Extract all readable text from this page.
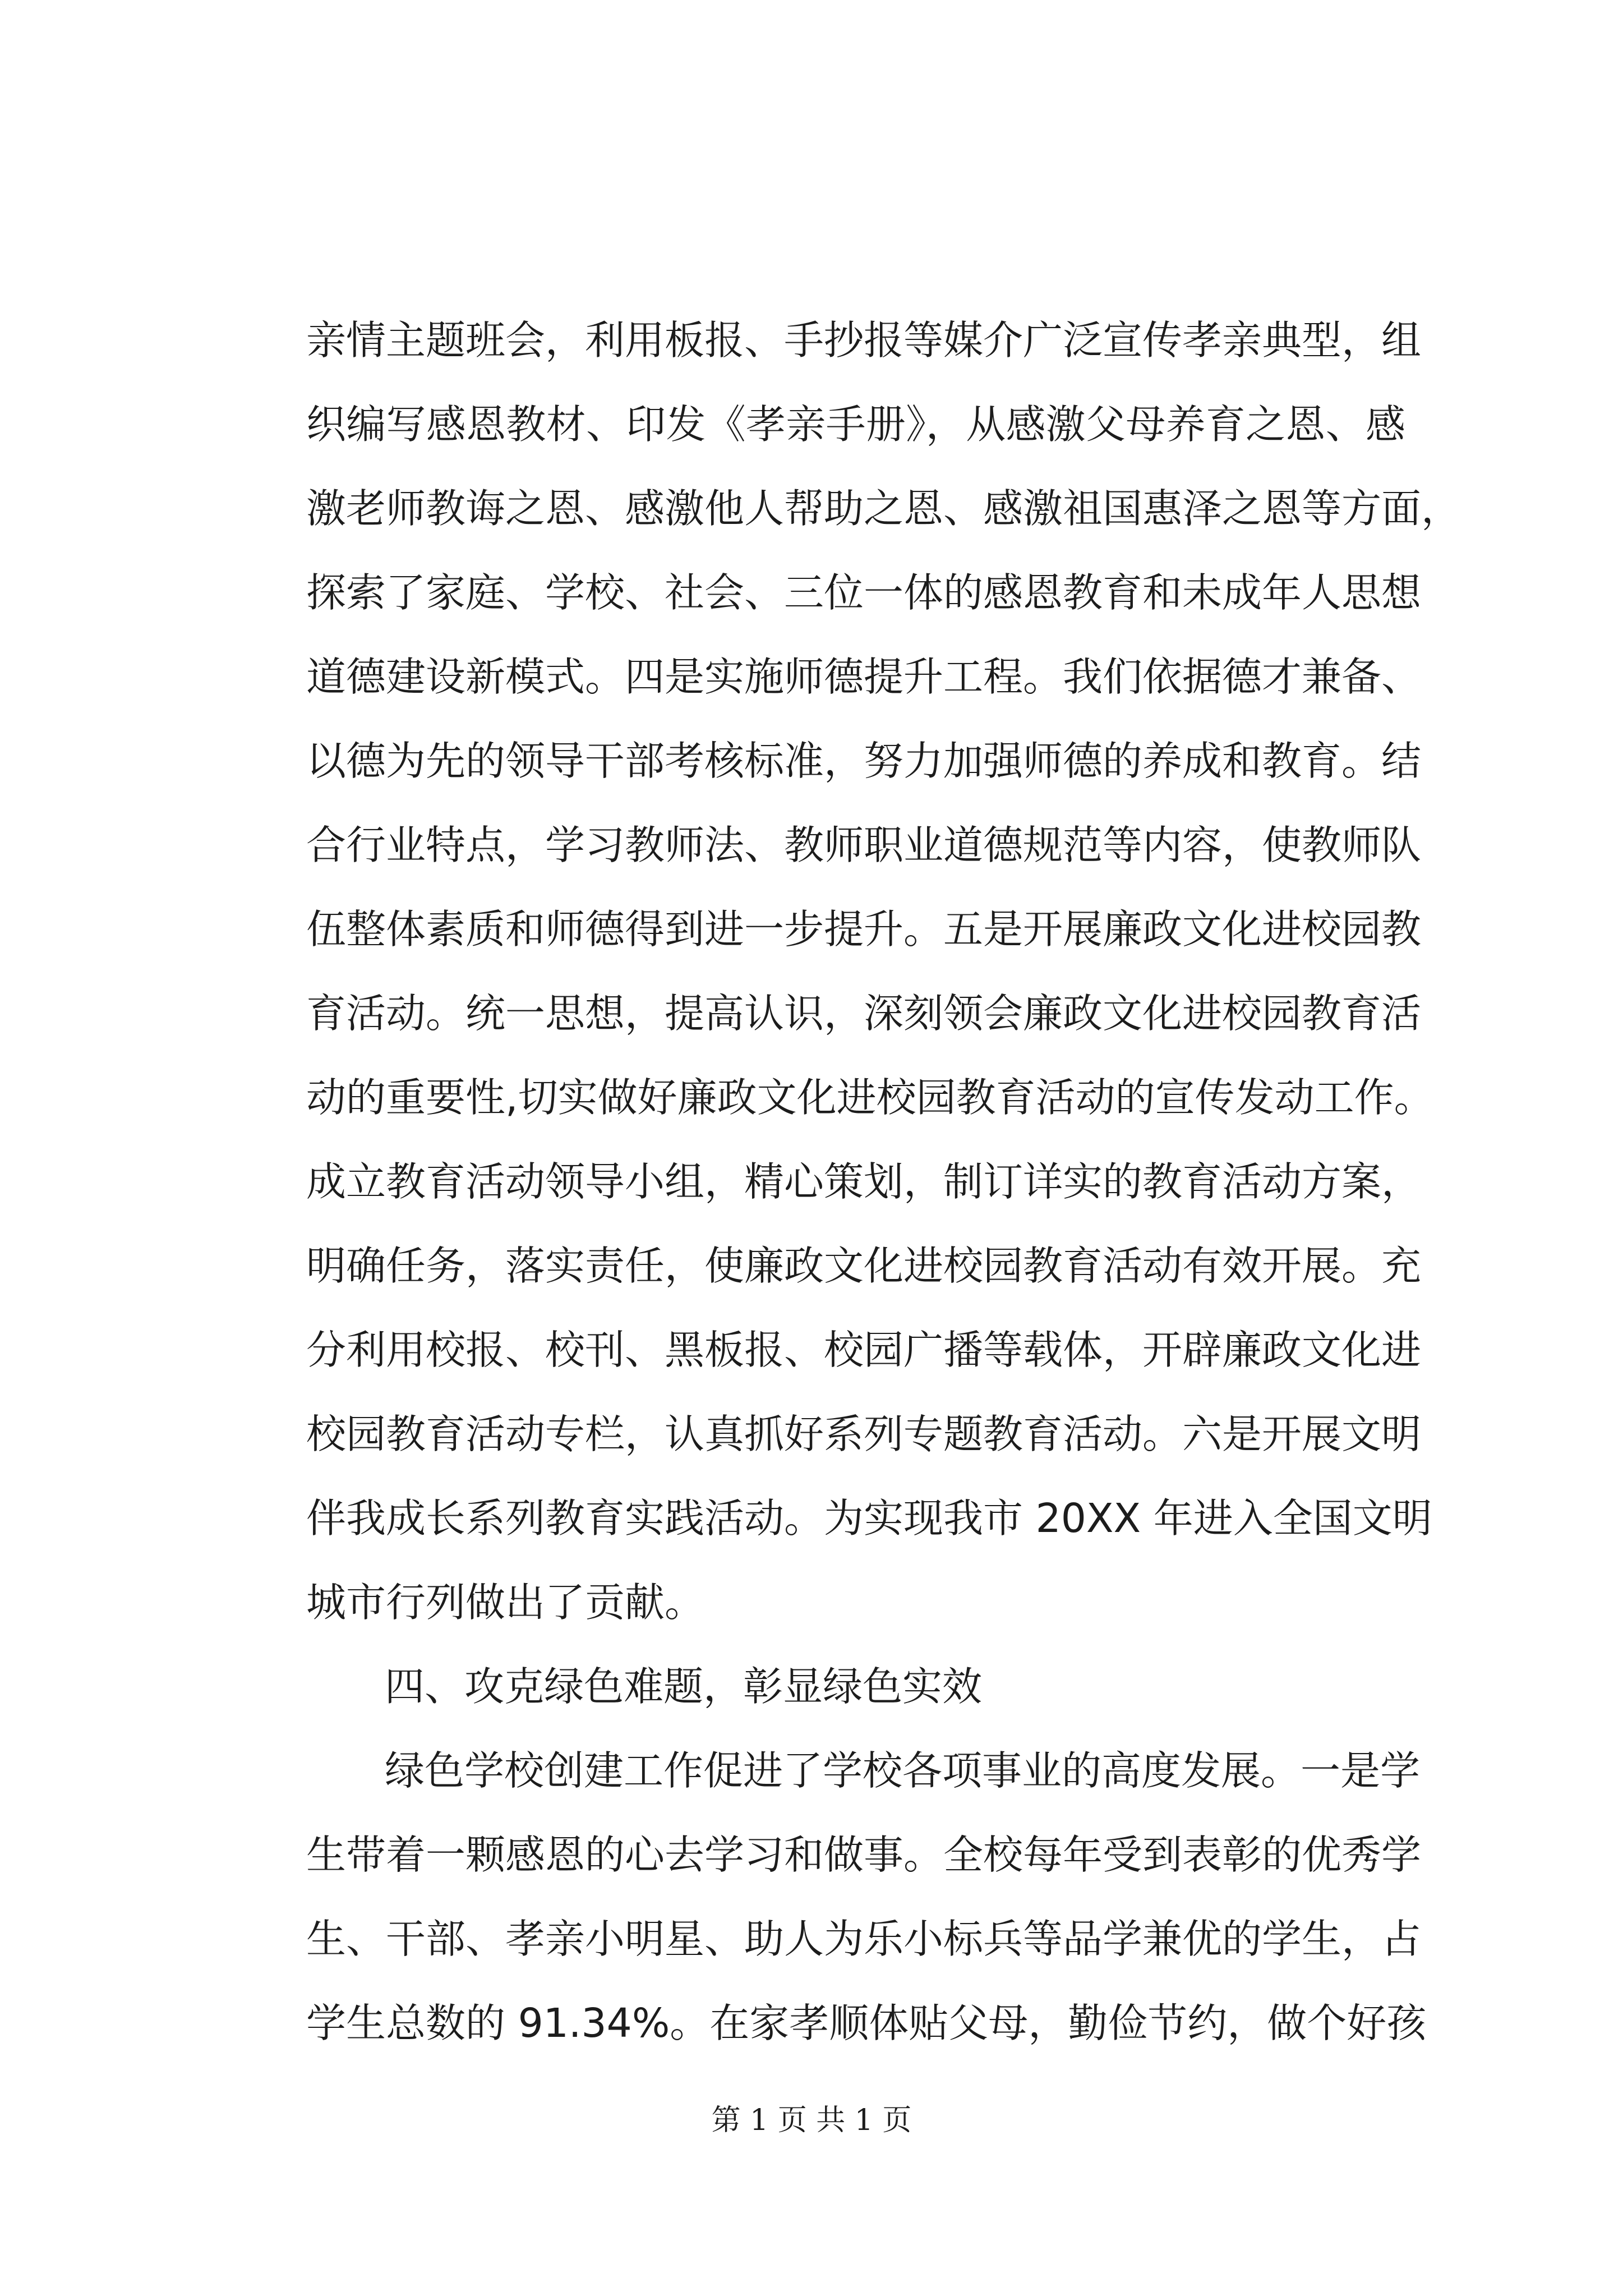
亲情主题班会，利用板报、手抄报等媒介广泛宣传孝亲典型，组

织编写感恩教材、印发《孝亲手册》，从感激父母养育之恩、感

激老师教诲之恩、感激他人帮助之恩、感激祖国惠泽之恩等方面，

探索了家庭、学校、社会、三位一体的感恩教育和未成年人思想

道德建设新模式。四是实施师德提升工程。我们依据德才兼备、

以德为先的领导干部考核标准，努力加强师德的养成和教育。结

合行业特点，学习教师法、教师职业道德规范等内容，使教师队

伍整体素质和师德得到进一步提升。五是开展廉政文化进校园教

育活动。统一思想，提高认识，深刻领会廉政文化进校园教育活

动的重要性,切实做好廉政文化进校园教育活动的宣传发动工作。

成立教育活动领导小组，精心策划，制订详实的教育活动方案，

明确任务，落实责任，使廉政文化进校园教育活动有效开展。充

分利用校报、校刊、黑板报、校园广播等载体，开辟廉政文化进

校园教育活动专栏，认真抓好系列专题教育活动。六是开展文明

伴我成长系列教育实践活动。为实现我市 20XX 年进入全国文明

城市行列做出了贡献。

四、攻克绿色难题，彰显绿色实效

绿色学校创建工作促进了学校各项事业的高度发展。一是学

生带着一颗感恩的心去学习和做事。全校每年受到表彰的优秀学

生、干部、孝亲小明星、助人为乐小标兵等品学兼优的学生，占

学生总数的 91.34%。在家孝顺体贴父母，勤俭节约，做个好孩

第 1 页 共 1 页
